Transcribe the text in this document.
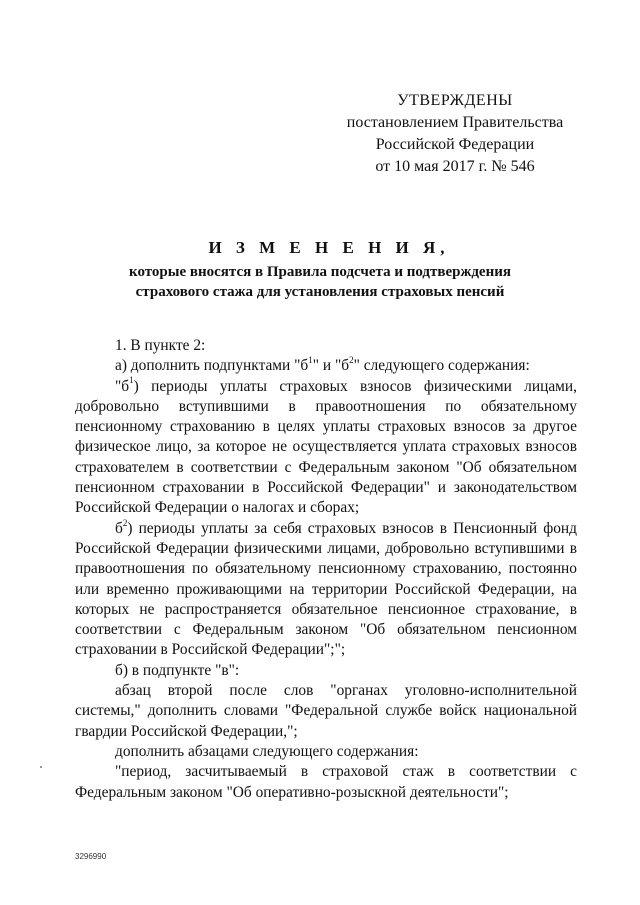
УТВЕРЖДЕНЫ
постановлением Правительства
Российской Федерации
от 10 мая 2017 г. № 546
И З М Е Н Е Н И Я,
которые вносятся в Правила подсчета и подтверждения
страхового стажа для установления страховых пенсий

1. В пункте 2:

а) дополнить подпунктами "$б^1$" и "$б^2$" следующего содержания:

"$б^1$) периоды уплаты страховых взносов физическими лицами, добровольно вступившими в правоотношения по обязательному пенсионному страхованию в целях уплаты страховых взносов за другое физическое лицо, за которое не осуществляется уплата страховых взносов страхователем в соответствии с Федеральным законом "Об обязательном пенсионном страховании в Российской Федерации" и законодательством Российской Федерации о налогах и сборах;

$б^2$) периоды уплаты за себя страховых взносов в Пенсионный фонд Российской Федерации физическими лицами, добровольно вступившими в правоотношения по обязательному пенсионному страхованию, постоянно или временно проживающими на территории Российской Федерации, на которых не распространяется обязательное пенсионное страхование, в соответствии с Федеральным законом "Об обязательном пенсионном страховании в Российской Федерации";";

б) в подпункте "в":

абзац второй после слов "органах уголовно-исполнительной системы," дополнить словами "Федеральной службе войск национальной гвардии Российской Федерации,";

дополнить абзацами следующего содержания:

"период, засчитываемый в страховой стаж в соответствии с Федеральным законом "Об оперативно-розыскной деятельности";

3296990
